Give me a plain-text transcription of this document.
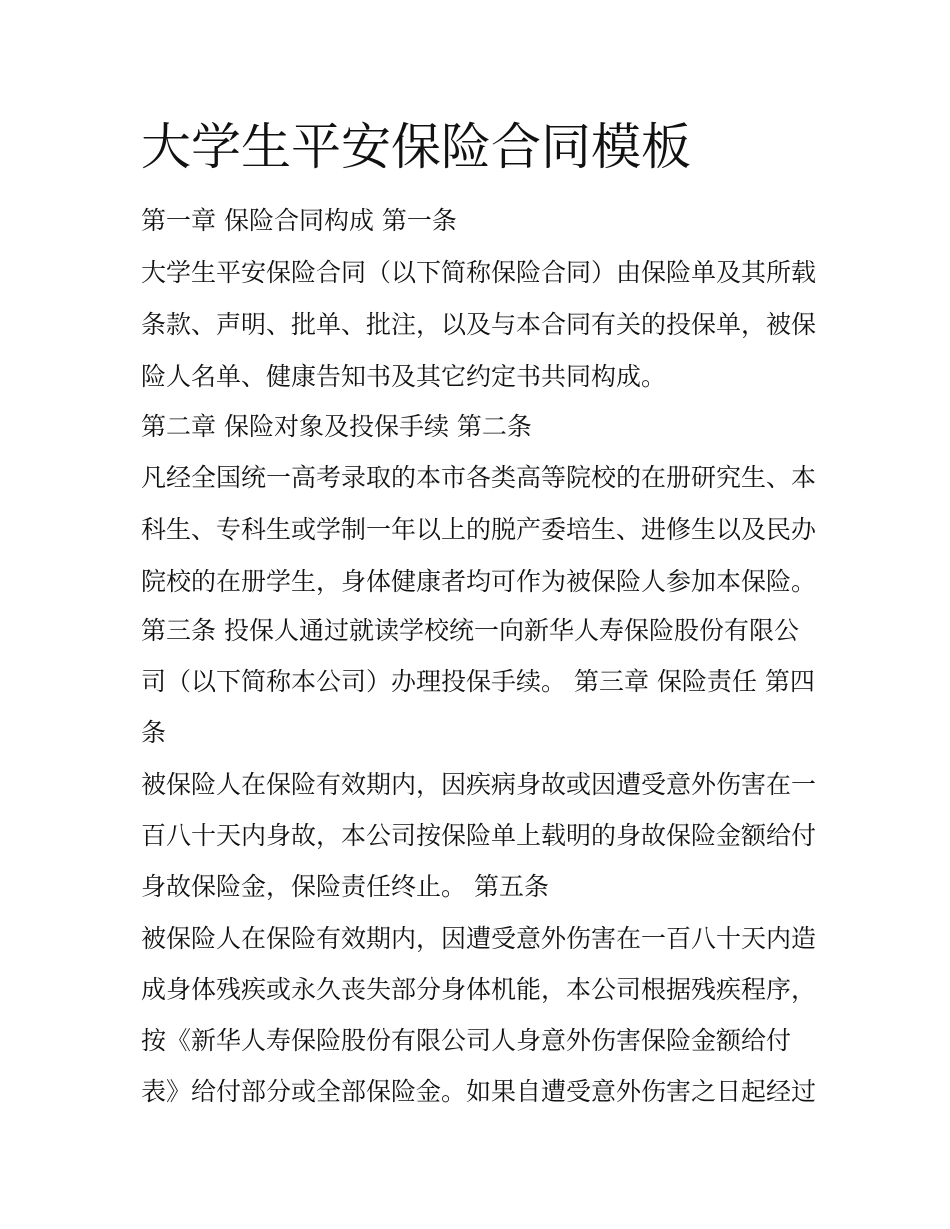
大学生平安保险合同模板

第一章 保险合同构成 第一条

大学生平安保险合同（以下简称保险合同）由保险单及其所载

条款、声明、批单、批注，以及与本合同有关的投保单，被保

险人名单、健康告知书及其它约定书共同构成。

第二章 保险对象及投保手续 第二条

凡经全国统一高考录取的本市各类高等院校的在册研究生、本

科生、专科生或学制一年以上的脱产委培生、进修生以及民办

院校的在册学生，身体健康者均可作为被保险人参加本保险。

第三条 投保人通过就读学校统一向新华人寿保险股份有限公

司（以下简称本公司）办理投保手续。 第三章 保险责任 第四

条

被保险人在保险有效期内，因疾病身故或因遭受意外伤害在一

百八十天内身故，本公司按保险单上载明的身故保险金额给付

身故保险金，保险责任终止。 第五条

被保险人在保险有效期内，因遭受意外伤害在一百八十天内造

成身体残疾或永久丧失部分身体机能，本公司根据残疾程序，

按《新华人寿保险股份有限公司人身意外伤害保险金额给付

表》给付部分或全部保险金。如果自遭受意外伤害之日起经过
